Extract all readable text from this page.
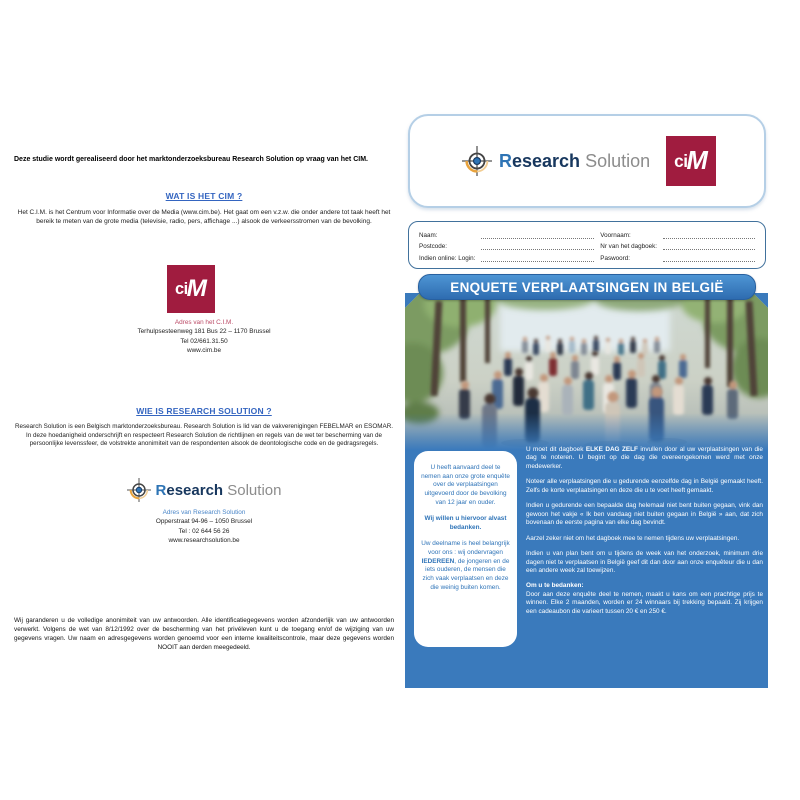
Deze studie wordt gerealiseerd door het marktonderzoeksbureau Research Solution op vraag van het CIM.
WAT IS HET CIM ?
Het C.I.M. is het Centrum voor Informatie over de Media (www.cim.be). Het gaat om een v.z.w. die onder andere tot taak heeft het bereik te meten van de grote media (televisie, radio, pers, affichage ...) alsook de verkeersstromen van de bevolking.
ci M
Adres van het C.I.M.
Terhulpsesteenweg 181 Bus 22 – 1170 Brussel
Tel 02/661.31.50
www.cim.be
WIE IS RESEARCH SOLUTION ?
Research Solution is een Belgisch marktonderzoeksbureau. Research Solution is lid van de vakverenigingen FEBELMAR en ESOMAR. In deze hoedanigheid onderschrijft en respecteert Research Solution de richtlijnen en regels van de wet ter bescherming van de persoonlijke levenssfeer, de volstrekte anonimiteit van de respondenten alsook de deontologische code en de gedragsregels.
Research Solution
Adres van Research Solution
Opperstraat 94-96 – 1050 Brussel
Tel : 02 644 56 26
www.researchsolution.be
Wij garanderen u de volledige anonimiteit van uw antwoorden. Alle identificatiegegevens worden afzonderlijk van uw antwoorden verwerkt. Volgens de wet van 8/12/1992 over de bescherming van het privéleven kunt u de toegang en/of de wijziging van uw gegevens vragen. Uw naam en adresgegevens worden genoemd voor een interne kwaliteitscontrole, maar deze gegevens worden NOOIT aan derden meegedeeld.
Research Solution ci M
Naam:	Voornaam:
Postcode:	Nr van het dagboek:
Indien online: Login:	Paswoord:
ENQUETE VERPLAATSINGEN IN BELGIË

U heeft aanvaard deel te nemen aan onze grote enquête over de verplaatsingen uitgevoerd door de bevolking van 12 jaar en ouder.

Wij willen u hiervoor alvast bedanken.

Uw deelname is heel belangrijk voor ons : wij ondervragen IEDEREEN, de jongeren en de iets ouderen, de mensen die zich vaak verplaatsen en deze die weinig buiten komen.

U moet dit dagboek ELKE DAG ZELF invullen door al uw verplaatsingen van die dag te noteren. U begint op die dag die overeengekomen werd met onze medewerker.

Noteer alle verplaatsingen die u gedurende eenzelfde dag in België gemaakt heeft. Zelfs de korte verplaatsingen en deze die u te voet heeft gemaakt.

Indien u gedurende een bepaalde dag helemaal niet bent buiten gegaan, vink dan gewoon het vakje « Ik ben vandaag niet buiten gegaan in België » aan, dat zich bovenaan de eerste pagina van elke dag bevindt.

Aarzel zeker niet om het dagboek mee te nemen tijdens uw verplaatsingen.

Indien u van plan bent om u tijdens de week van het onderzoek, minimum drie dagen niet te verplaatsen in België geef dit dan door aan onze enquêteur die u dan een andere week zal toewijzen.

Om u te bedanken:

Door aan deze enquête deel te nemen, maakt u kans om een prachtige prijs te winnen. Elke 2 maanden, worden er 24 winnaars bij trekking bepaald. Zij krijgen een cadeaubon die varieert tussen 20 € en 250 €.
